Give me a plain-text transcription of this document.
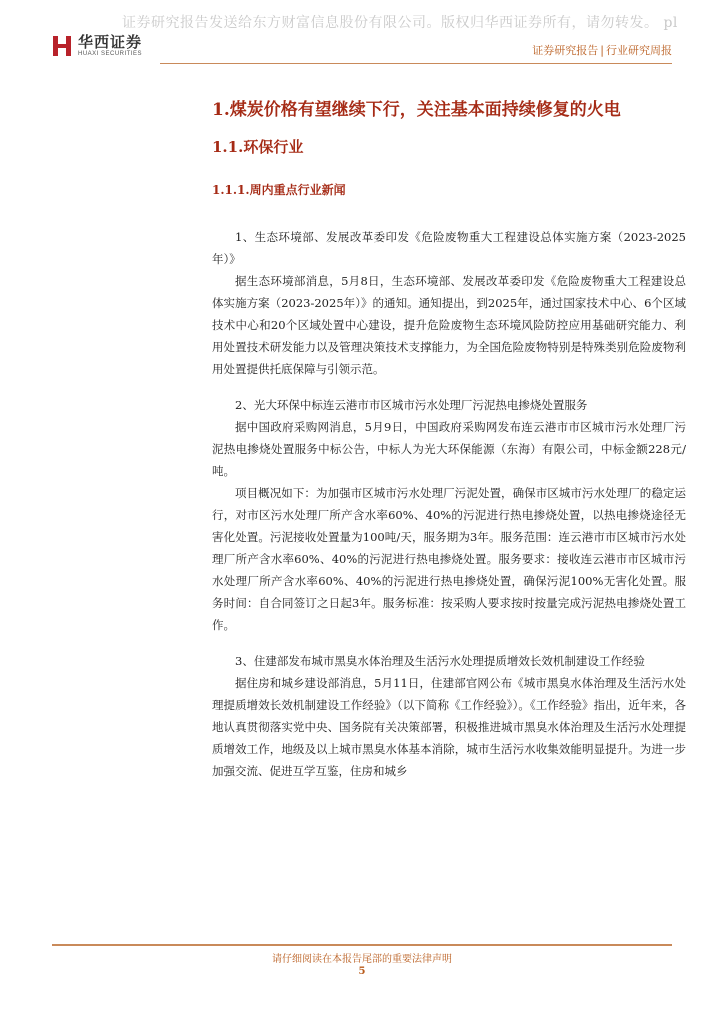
证券研究报告发送给东方财富信息股份有限公司。版权归华西证券所有，请勿转发。 pl
华西证券
HUAXI SECURITIES	证券研究报告 | 行业研究周报
1.煤炭价格有望继续下行，关注基本面持续修复的火电
1.1.环保行业
1.1.1.周内重点行业新闻

1、生态环境部、发展改革委印发《危险废物重大工程建设总体实施方案（2023-2025年）》

据生态环境部消息，5月8日，生态环境部、发展改革委印发《危险废物重大工程建设总体实施方案（2023-2025年）》的通知。通知提出，到2025年，通过国家技术中心、6个区域技术中心和20个区域处置中心建设，提升危险废物生态环境风险防控应用基础研究能力、利用处置技术研发能力以及管理决策技术支撑能力，为全国危险废物特别是特殊类别危险废物利用处置提供托底保障与引领示范。

2、光大环保中标连云港市市区城市污水处理厂污泥热电掺烧处置服务

据中国政府采购网消息，5月9日，中国政府采购网发布连云港市市区城市污水处理厂污泥热电掺烧处置服务中标公告，中标人为光大环保能源（东海）有限公司，中标金额228元/吨。

项目概况如下：为加强市区城市污水处理厂污泥处置，确保市区城市污水处理厂的稳定运行，对市区污水处理厂所产含水率60%、40%的污泥进行热电掺烧处置，以热电掺烧途径无害化处置。污泥接收处置量为100吨/天，服务期为3年。服务范围：连云港市市区城市污水处理厂所产含水率60%、40%的污泥进行热电掺烧处置。服务要求：接收连云港市市区城市污水处理厂所产含水率60%、40%的污泥进行热电掺烧处置，确保污泥100%无害化处置。服务时间：自合同签订之日起3年。服务标准：按采购人要求按时按量完成污泥热电掺烧处置工作。

3、住建部发布城市黑臭水体治理及生活污水处理提质增效长效机制建设工作经验

据住房和城乡建设部消息，5月11日，住建部官网公布《城市黑臭水体治理及生活污水处理提质增效长效机制建设工作经验》（以下简称《工作经验》）。《工作经验》指出，近年来，各地认真贯彻落实党中央、国务院有关决策部署，积极推进城市黑臭水体治理及生活污水处理提质增效工作，地级及以上城市黑臭水体基本消除，城市生活污水收集效能明显提升。为进一步加强交流、促进互学互鉴，住房和城乡

请仔细阅读在本报告尾部的重要法律声明
5
